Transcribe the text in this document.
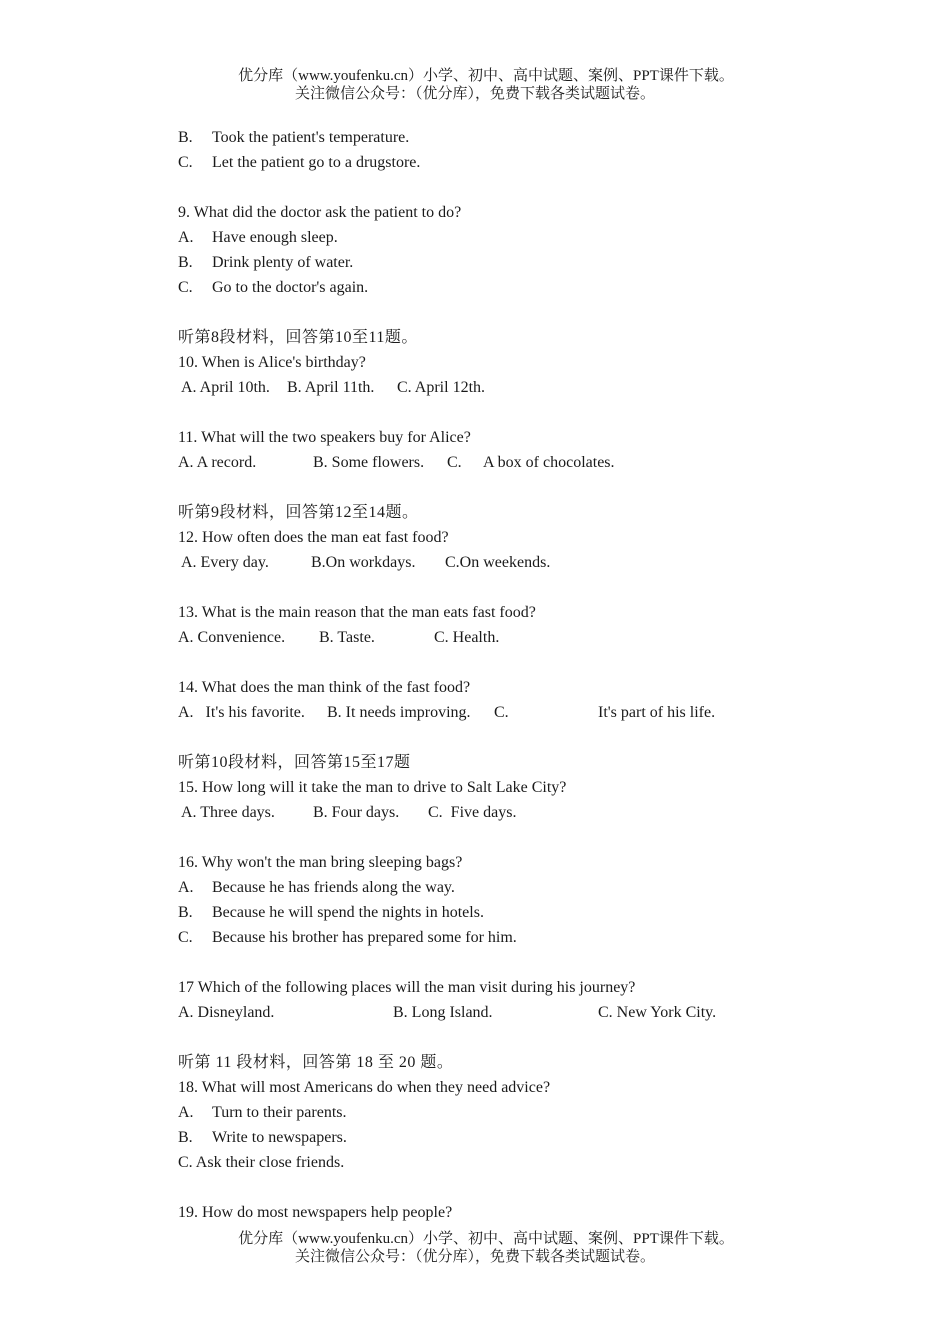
优分库（www.youfenku.cn）小学、初中、高中试题、案例、PPT课件下载。
关注微信公众号：（优分库），免费下载各类试题试卷。
B. Took the patient's temperature.
C. Let the patient go to a drugstore.
9. What did the doctor ask the patient to do?
A. Have enough sleep.
B. Drink plenty of water.
C. Go to the doctor's again.
听第8段材料，回答第10至11题。
10. When is Alice's birthday?
A. April 10th. B. April 11th. C. April 12th.
11. What will the two speakers buy for Alice?
A. A record.	B. Some flowers. C. A box of chocolates.
听第9段材料，回答第12至14题。
12. How often does the man eat fast food?
A. Every day.	B.On workdays. C.On weekends.
13. What is the main reason that the man eats fast food?
A. Convenience. B. Taste.	C. Health.
14. What does the man think of the fast food?
A.   It's his favorite. B. It needs improving. C.	It's part of his life.
听第10段材料，回答第15至17题
15. How long will it take the man to drive to Salt Lake City?
A. Three days. B. Four days. C.  Five days.
16. Why won't the man bring sleeping bags?
A. Because he has friends along the way.
B. Because he will spend the nights in hotels.
C. Because his brother has prepared some for him.
17 Which of the following places will the man visit during his journey?
A. Disneyland.	B. Long Island.	C. New York City.
听第 11 段材料，回答第 18 至 20 题。
18. What will most Americans do when they need advice?
A. Turn to their parents.
B. Write to newspapers.
C. Ask their close friends.
19. How do most newspapers help people?
优分库（www.youfenku.cn）小学、初中、高中试题、案例、PPT课件下载。
关注微信公众号：（优分库），免费下载各类试题试卷。
